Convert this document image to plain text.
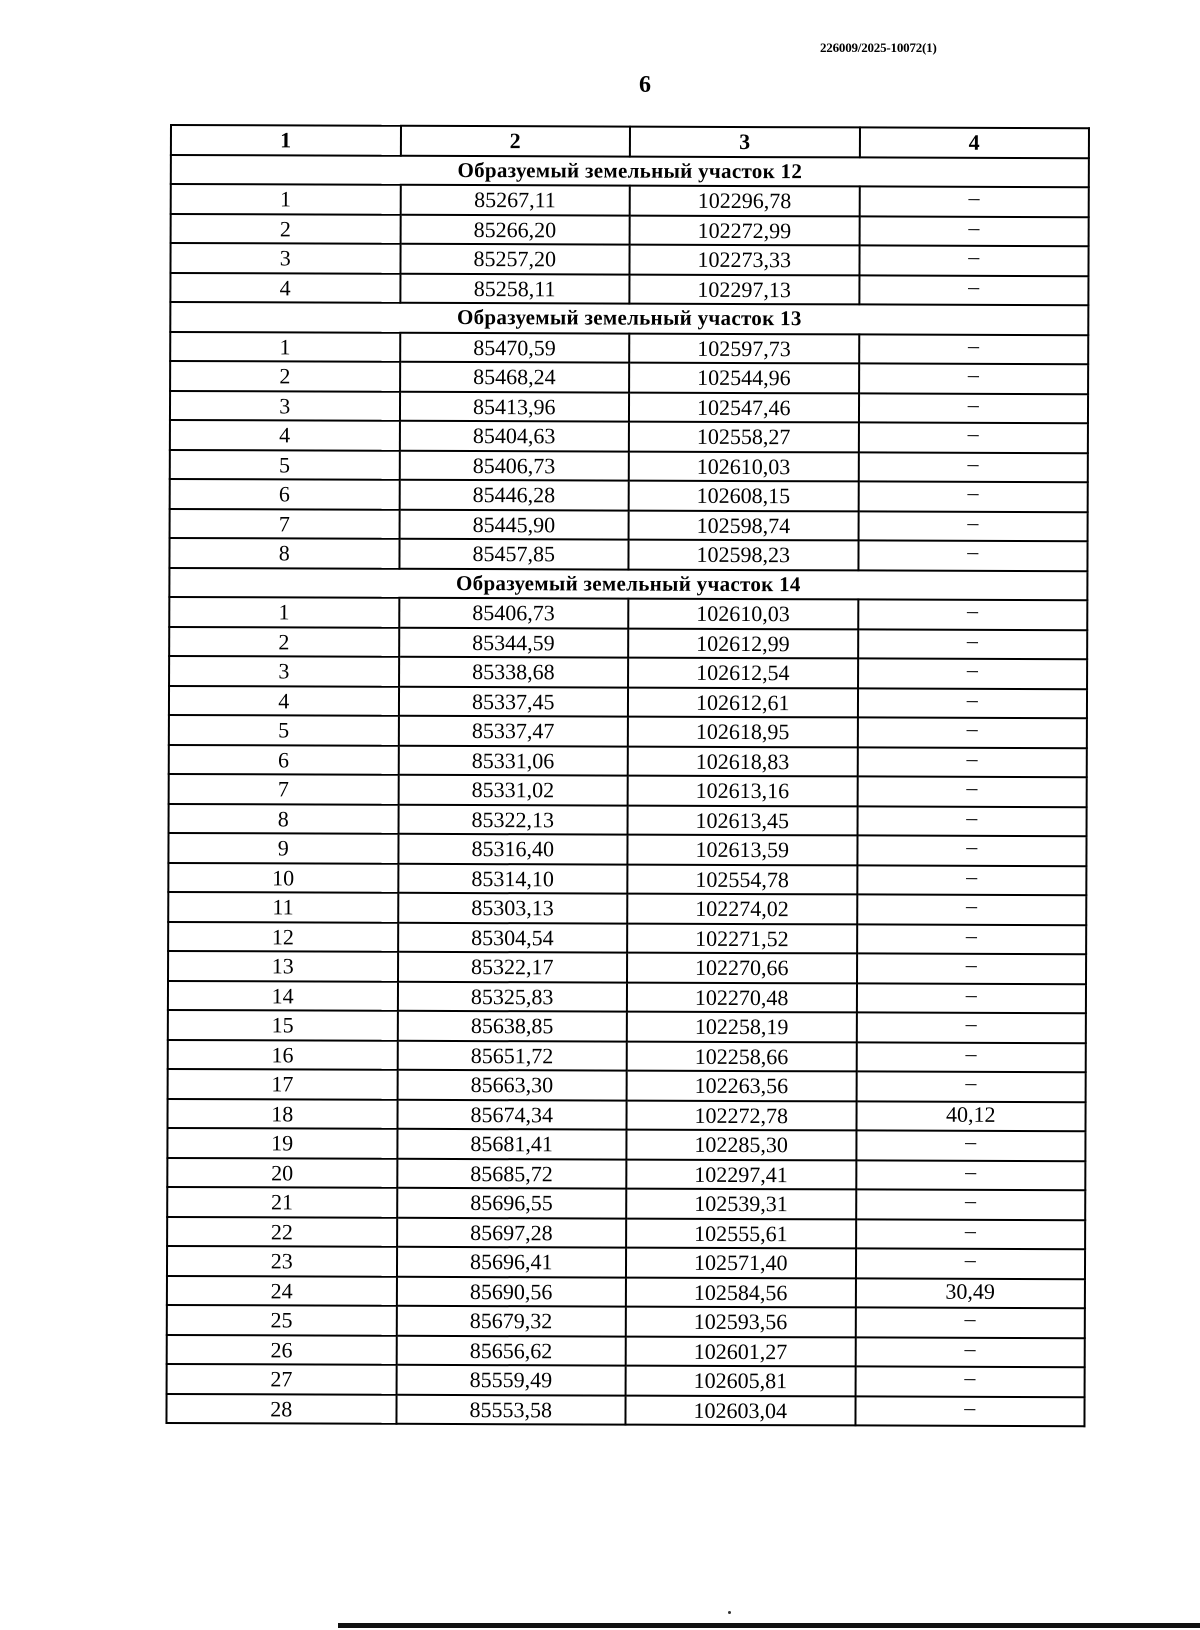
226009/2025-10072(1)
6
1	2	3	4
Образуемый земельный участок 12			
1	85267,11	102296,78	–
2	85266,20	102272,99	–
3	85257,20	102273,33	–
4	85258,11	102297,13	–
Образуемый земельный участок 13			
1	85470,59	102597,73	–
2	85468,24	102544,96	–
3	85413,96	102547,46	–
4	85404,63	102558,27	–
5	85406,73	102610,03	–
6	85446,28	102608,15	–
7	85445,90	102598,74	–
8	85457,85	102598,23	–
Образуемый земельный участок 14			
1	85406,73	102610,03	–
2	85344,59	102612,99	–
3	85338,68	102612,54	–
4	85337,45	102612,61	–
5	85337,47	102618,95	–
6	85331,06	102618,83	–
7	85331,02	102613,16	–
8	85322,13	102613,45	–
9	85316,40	102613,59	–
10	85314,10	102554,78	–
11	85303,13	102274,02	–
12	85304,54	102271,52	–
13	85322,17	102270,66	–
14	85325,83	102270,48	–
15	85638,85	102258,19	–
16	85651,72	102258,66	–
17	85663,30	102263,56	–
18	85674,34	102272,78	40,12
19	85681,41	102285,30	–
20	85685,72	102297,41	–
21	85696,55	102539,31	–
22	85697,28	102555,61	–
23	85696,41	102571,40	–
24	85690,56	102584,56	30,49
25	85679,32	102593,56	–
26	85656,62	102601,27	–
27	85559,49	102605,81	–
28	85553,58	102603,04	–
